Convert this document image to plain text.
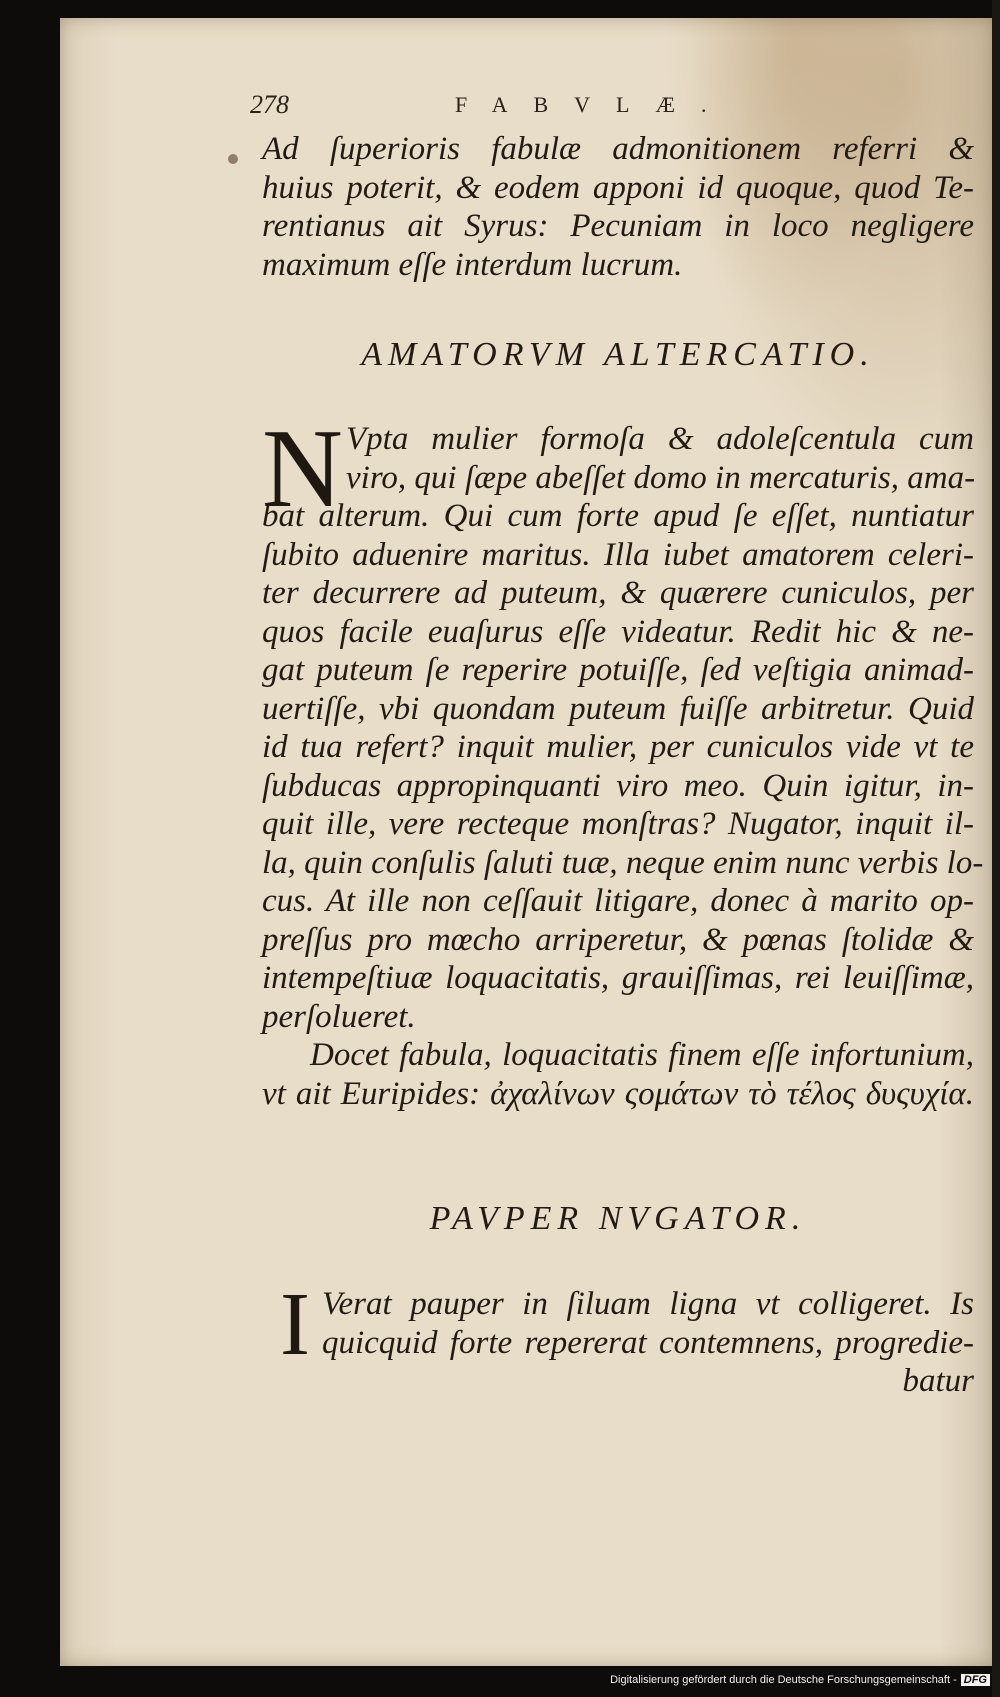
278	FABVLÆ.
Ad ſuperioris fabulæ admonitionem referri &
huius poterit, & eodem apponi id quoque, quod Te-
rentianus ait Syrus: Pecuniam in loco negligere
maximum eſſe interdum lucrum.
AMATORVM ALTERCATIO.
N Vpta mulier formoſa & adoleſcentula cum
viro, qui ſæpe abeſſet domo in mercaturis, ama-
bat alterum. Qui cum forte apud ſe eſſet, nuntiatur
ſubito aduenire maritus. Illa iubet amatorem celeri-
ter decurrere ad puteum, & quærere cuniculos, per
quos facile euaſurus eſſe videatur. Redit hic & ne-
gat puteum ſe reperire potuiſſe, ſed veſtigia animad-
uertiſſe, vbi quondam puteum fuiſſe arbitretur. Quid
id tua refert? inquit mulier, per cuniculos vide vt te
ſubducas appropinquanti viro meo. Quin igitur, in-
quit ille, vere recteque monſtras? Nugator, inquit il-
la, quin conſulis ſaluti tuæ, neque enim nunc verbis lo-
cus. At ille non ceſſauit litigare, donec à marito op-
preſſus pro mœcho arriperetur, & pœnas ſtolidæ &
intempeſtiuæ loquacitatis, grauiſſimas, rei leuiſſimæ,
perſolueret.
Docet fabula, loquacitatis finem eſſe infortunium,
vt ait Euripides: ἀχαλίνων ςομάτων τὸ τέλος δυςυχία.
PAVPER NVGATOR.
I Verat pauper in ſiluam ligna vt colligeret. Is
quicquid forte repererat contemnens, progredie-
batur
Digitalisierung gefördert durch die Deutsche Forschungsgemeinschaft - DFG
